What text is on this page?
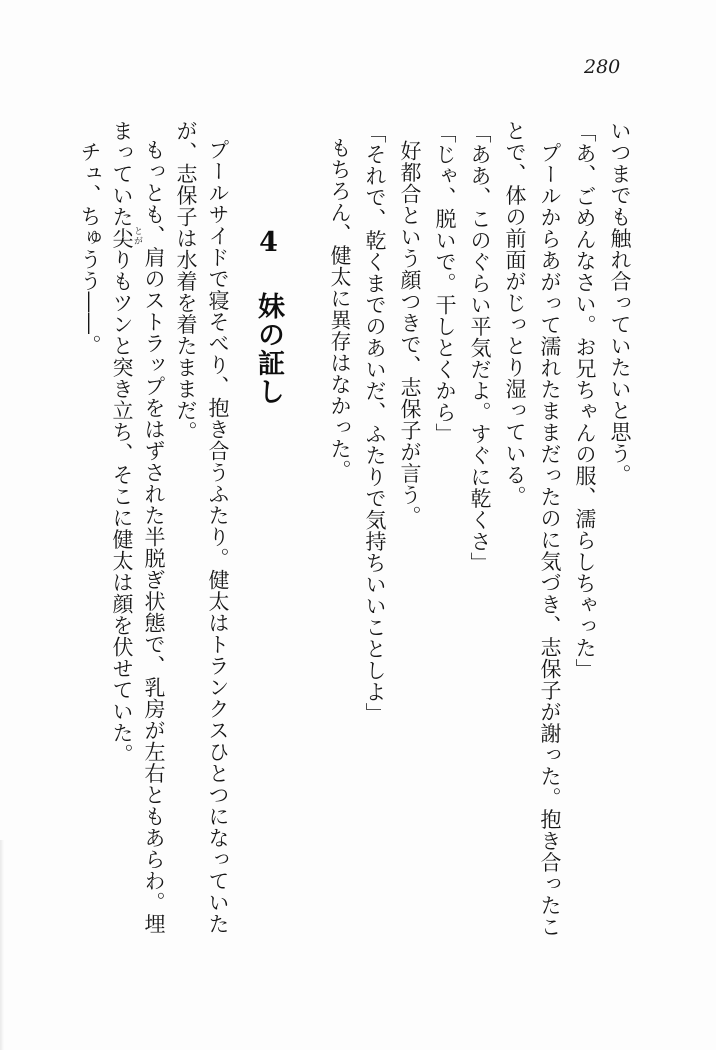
280
いつまでも触れ合っていたいと思う。
「あ、ごめんなさい。お兄ちゃんの服、濡らしちゃった」
プールからあがって濡れたままだったのに気づき、志保子が謝った。抱き合ったこ
とで、体の前面がじっとり湿っている。
「ああ、このぐらい平気だよ。すぐに乾くさ」
「じゃ、脱いで。干しとくから」
好都合という顔つきで、志保子が言う。
「それで、乾くまでのあいだ、ふたりで気持ちいいことしよ」
もちろん、健太に異存はなかった。
4 妹の証し
プールサイドで寝そべり、抱き合うふたり。健太はトランクスひとつになっていた
が、志保子は水着を着たままだ。
もっとも、肩のストラップをはずされた半脱ぎ状態で、乳房が左右ともあらわ。埋
まっていた尖りもツンと突き立ち、そこに健太は顔を伏せていた。
チュ、ちゅうう――。	とが
